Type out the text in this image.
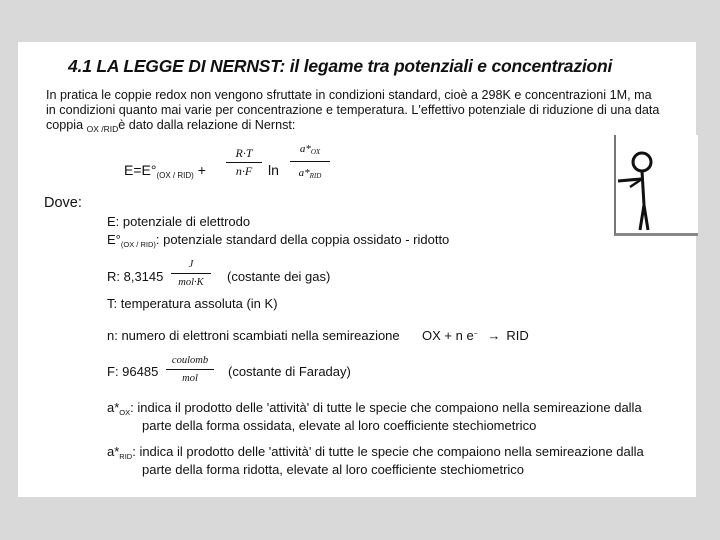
4.1 LA LEGGE DI NERNST: il legame tra potenziali e concentrazioni
In pratica le coppie redox non vengono sfruttate in condizioni standard, cioè a 298K e concentrazioni 1M, ma
in condizioni quanto mai varie per concentrazione e temperatura. L'effettivo potenziale di riduzione di una data
coppia $_{OX /RID}$è dato dalla relazione di Nernst:
$E=E^\circ_{(OX / RID)}$ +
R·T
n·F	ln
a*OX
a*RID
Dove:
E: potenziale di elettrodo
$E^\circ_{(OX / RID)}$: potenziale standard della coppia ossidato - ridotto
R: 8,3145
J
mol·K	(costante dei gas)
T: temperatura assoluta (in K)
n: numero di elettroni scambiati nella semireazione OX + n e− → RID
F: 96485
coulomb
mol	(costante di Faraday)
$a*_{OX}$: indica il prodotto delle 'attività' di tutte le specie che compaiono nella semireazione dalla
parte della forma ossidata, elevate al loro coefficiente stechiometrico
$a*_{RID}$: indica il prodotto delle 'attività' di tutte le specie che compaiono nella semireazione dalla
parte della forma ridotta, elevate al loro coefficiente stechiometrico
